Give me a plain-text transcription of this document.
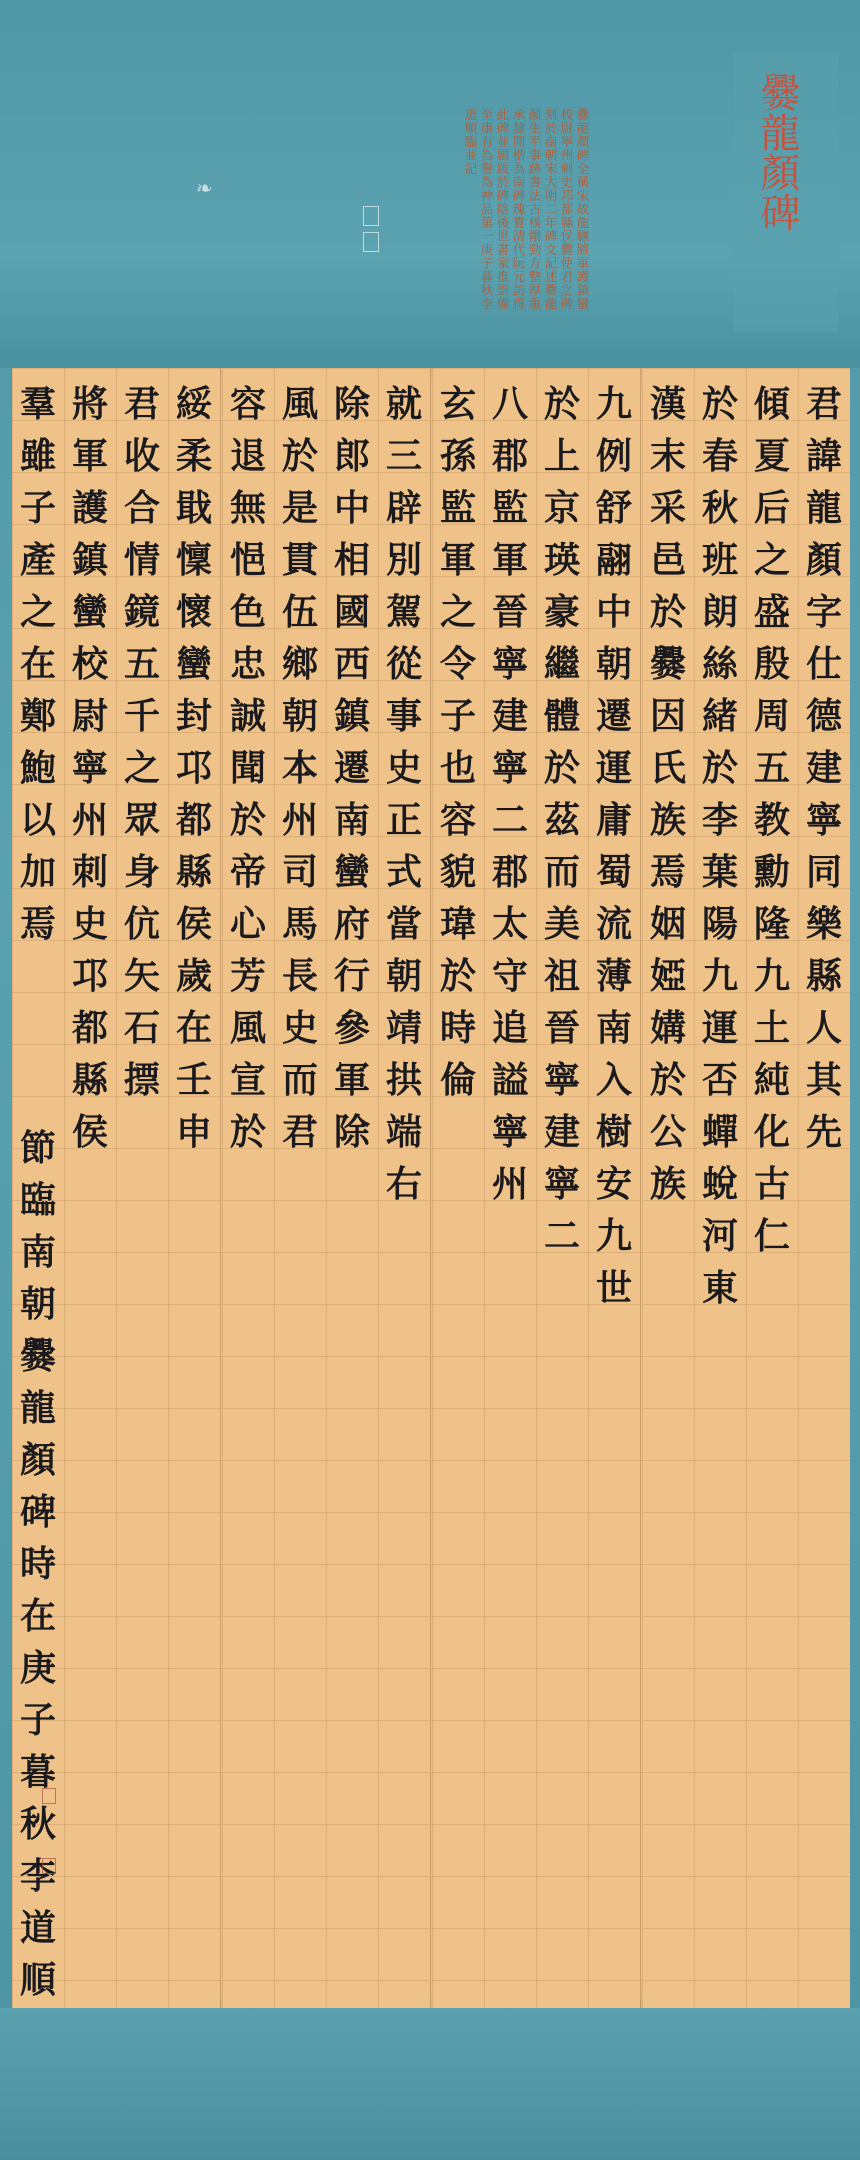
爨龍顏碑
爨龍顏碑全稱宋故龍驤將軍護鎮蠻校尉寧州刺史邛都縣侯爨使君之碑刻於南朝宋大明二年碑文記述爨龍顏生平事跡書法古樸剛勁方整厚重承隸開楷為南碑瑰寶清代阮元訪得此碑並題跋於碑陰後世書家推崇備至康有為譽為神品第一庚子暮秋李道順臨並記
❧
君
諱
龍
顏
字
仕
德
建
寧
同
樂
縣
人
其
先
傾
夏
后
之
盛
殷
周
五
教
勳
隆
九
土
純
化
古
仁
於
春
秋
班
朗
絲
緒
於
李
葉
陽
九
運
否
蟬
蛻
河
東
漢
末
采
邑
於
爨
因
氏
族
焉
姻
婭
媾
於
公
族
九
例
舒
翮
中
朝
遷
運
庸
蜀
流
薄
南
入
樹
安
九
世
於
上
京
瑛
豪
繼
體
於
茲
而
美
祖
晉
寧
建
寧
二
八
郡
監
軍
晉
寧
建
寧
二
郡
太
守
追
謚
寧
州
玄
孫
監
軍
之
令
子
也
容
貌
瑋
於
時
倫
就
三
辟
別
駕
從
事
史
正
式
當
朝
靖
拱
端
右
除
郎
中
相
國
西
鎮
遷
南
蠻
府
行
參
軍
除
風
於
是
貫
伍
鄉
朝
本
州
司
馬
長
史
而
君
容
退
無
悒
色
忠
誠
聞
於
帝
心
芳
風
宣
於
綏
柔
戢
懍
懷
蠻
封
邛
都
縣
侯
歲
在
壬
申
君
收
合
情
鏡
五
千
之
眾
身
伉
矢
石
摽
將
軍
護
鎮
蠻
校
尉
寧
州
刺
史
邛
都
縣
侯
羣
雖
子
產
之
在
鄭
鮑
以
加
焉
節
臨
南
朝
爨
龍
顏
碑
時
在
庚
子
暮
秋
李
道
順
